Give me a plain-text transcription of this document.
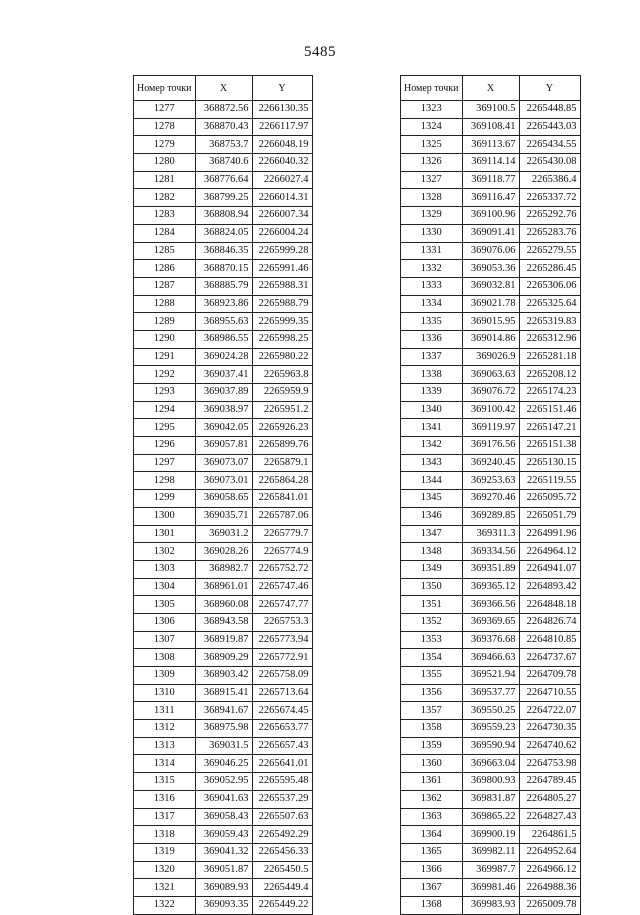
5485
Номер точки	X	Y
1277	368872.56	2266130.35
1278	368870.43	2266117.97
1279	368753.7	2266048.19
1280	368740.6	2266040.32
1281	368776.64	2266027.4
1282	368799.25	2266014.31
1283	368808.94	2266007.34
1284	368824.05	2266004.24
1285	368846.35	2265999.28
1286	368870.15	2265991.46
1287	368885.79	2265988.31
1288	368923.86	2265988.79
1289	368955.63	2265999.35
1290	368986.55	2265998.25
1291	369024.28	2265980.22
1292	369037.41	2265963.8
1293	369037.89	2265959.9
1294	369038.97	2265951.2
1295	369042.05	2265926.23
1296	369057.81	2265899.76
1297	369073.07	2265879.1
1298	369073.01	2265864.28
1299	369058.65	2265841.01
1300	369035.71	2265787.06
1301	369031.2	2265779.7
1302	369028.26	2265774.9
1303	368982.7	2265752.72
1304	368961.01	2265747.46
1305	368960.08	2265747.77
1306	368943.58	2265753.3
1307	368919.87	2265773.94
1308	368909.29	2265772.91
1309	368903.42	2265758.09
1310	368915.41	2265713.64
1311	368941.67	2265674.45
1312	368975.98	2265653.77
1313	369031.5	2265657.43
1314	369046.25	2265641.01
1315	369052.95	2265595.48
1316	369041.63	2265537.29
1317	369058.43	2265507.63
1318	369059.43	2265492.29
1319	369041.32	2265456.33
1320	369051.87	2265450.5
1321	369089.93	2265449.4
1322	369093.35	2265449.22
Номер точки	X	Y
1323	369100.5	2265448.85
1324	369108.41	2265443.03
1325	369113.67	2265434.55
1326	369114.14	2265430.08
1327	369118.77	2265386.4
1328	369116.47	2265337.72
1329	369100.96	2265292.76
1330	369091.41	2265283.76
1331	369076.06	2265279.55
1332	369053.36	2265286.45
1333	369032.81	2265306.06
1334	369021.78	2265325.64
1335	369015.95	2265319.83
1336	369014.86	2265312.96
1337	369026.9	2265281.18
1338	369063.63	2265208.12
1339	369076.72	2265174.23
1340	369100.42	2265151.46
1341	369119.97	2265147.21
1342	369176.56	2265151.38
1343	369240.45	2265130.15
1344	369253.63	2265119.55
1345	369270.46	2265095.72
1346	369289.85	2265051.79
1347	369311.3	2264991.96
1348	369334.56	2264964.12
1349	369351.89	2264941.07
1350	369365.12	2264893.42
1351	369366.56	2264848.18
1352	369369.65	2264826.74
1353	369376.68	2264810.85
1354	369466.63	2264737.67
1355	369521.94	2264709.78
1356	369537.77	2264710.55
1357	369550.25	2264722.07
1358	369559.23	2264730.35
1359	369590.94	2264740.62
1360	369663.04	2264753.98
1361	369800.93	2264789.45
1362	369831.87	2264805.27
1363	369865.22	2264827.43
1364	369900.19	2264861.5
1365	369982.11	2264952.64
1366	369987.7	2264966.12
1367	369981.46	2264988.36
1368	369983.93	2265009.78
